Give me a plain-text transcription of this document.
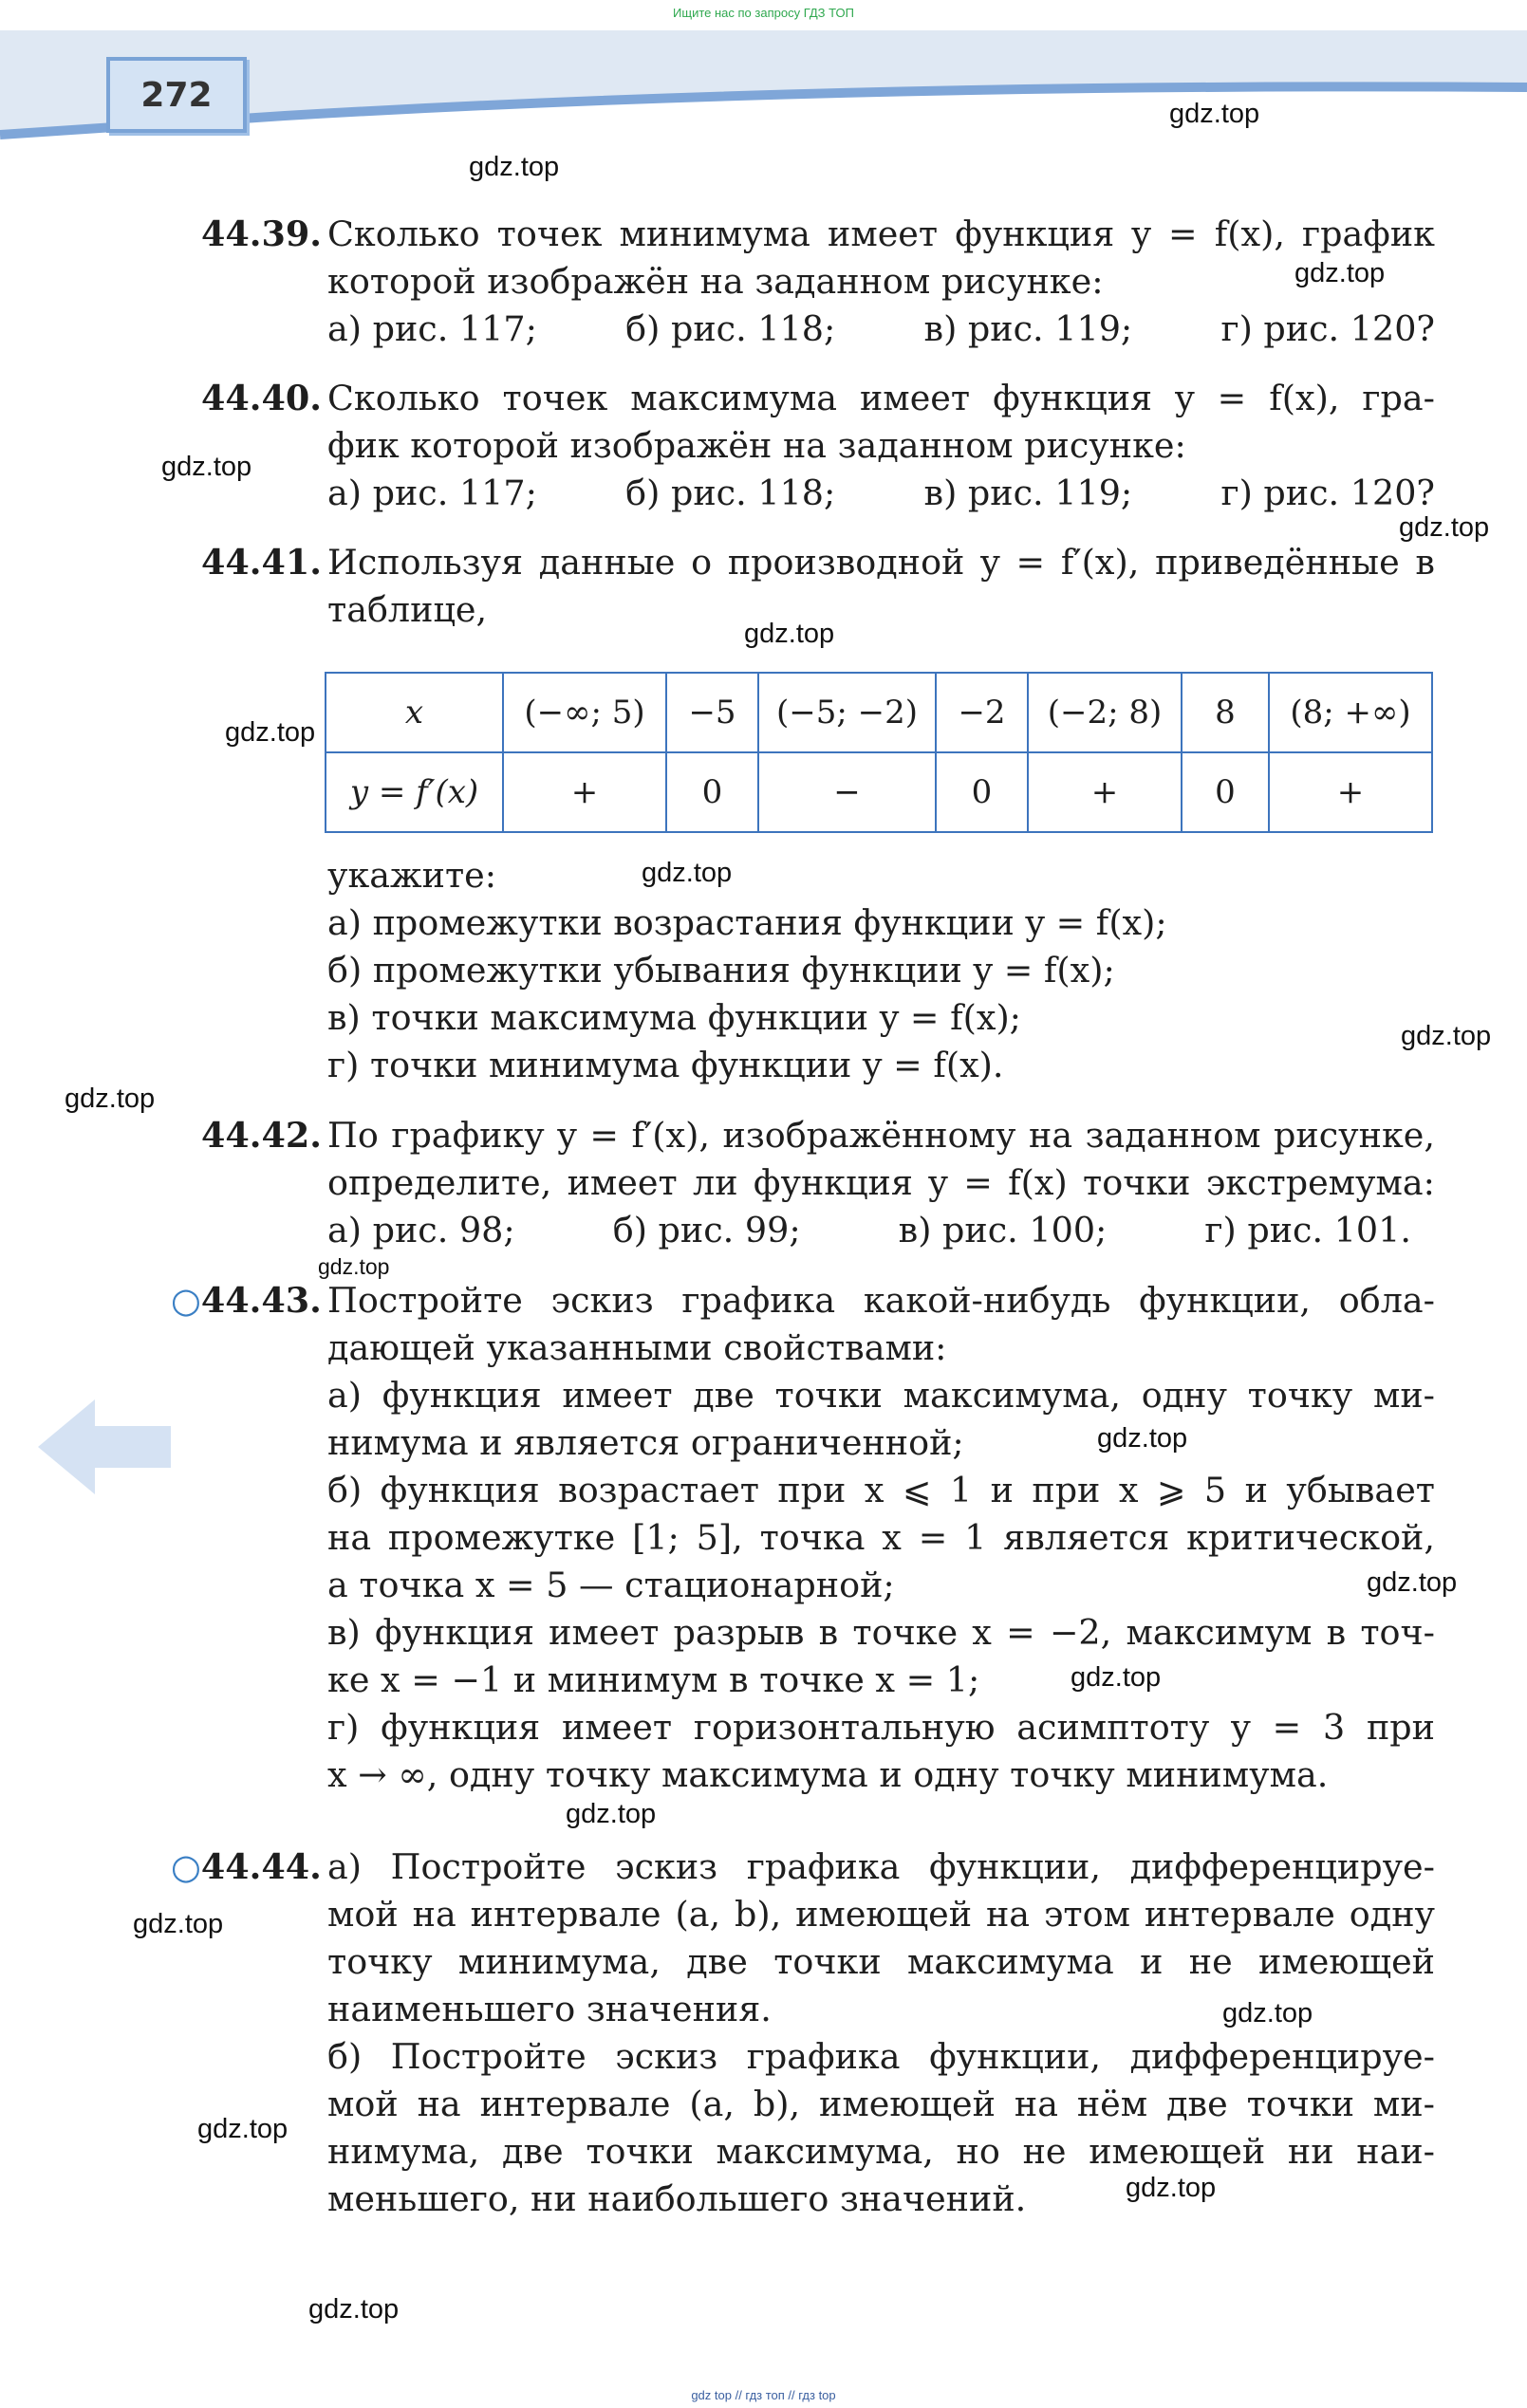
Ищите нас по запросу ГДЗ ТОП
272	gdz.top
gdz.top
gdz.top
gdz.top
gdz.top
gdz.top
gdz.top
gdz.top
gdz.top
gdz.top
gdz.top
gdz.top
gdz.top
gdz.top
gdz.top
gdz.top
gdz.top
gdz.top
gdz.top
gdz.top
44.39. Сколько точек минимума имеет функция y = f(x), график
которой изображён на заданном рисунке:
а) рис. 117;	б) рис. 118;	в) рис. 119;	г) рис. 120?
44.40. Сколько точек максимума имеет функция y = f(x), гра-
фик которой изображён на заданном рисунке:
а) рис. 117;	б) рис. 118;	в) рис. 119;	г) рис. 120?
44.41. Используя данные о производной y = f′(x), приведённые в
таблице,
x	(−∞; 5)	−5	(−5; −2)	−2	(−2; 8)	8	(8; +∞)
y = f′(x)	+	0	−	0	+	0	+
укажите:
а) промежутки возрастания функции y = f(x);
б) промежутки убывания функции y = f(x);
в) точки максимума функции y = f(x);
г) точки минимума функции y = f(x).
44.42. По графику y = f′(x), изображённому на заданном рисунке,
определите, имеет ли функция y = f(x) точки экстремума:
а) рис. 98;	б) рис. 99;	в) рис. 100;	г) рис. 101.
○44.43. Постройте эскиз графика какой-нибудь функции, обла-
дающей указанными свойствами:
а) функция имеет две точки максимума, одну точку ми-
нимума и является ограниченной;
б) функция возрастает при x ⩽ 1 и при x ⩾ 5 и убывает
на промежутке [1; 5], точка x = 1 является критической,
а точка x = 5 — стационарной;
в) функция имеет разрыв в точке x = −2, максимум в точ-
ке x = −1 и минимум в точке x = 1;
г) функция имеет горизонтальную асимптоту y = 3 при
x → ∞, одну точку максимума и одну точку минимума.
○44.44. а) Постройте эскиз графика функции, дифференцируе-
мой на интервале (a, b), имеющей на этом интервале одну
точку минимума, две точки максимума и не имеющей
наименьшего значения.
б) Постройте эскиз графика функции, дифференцируе-
мой на интервале (a, b), имеющей на нём две точки ми-
нимума, две точки максимума, но не имеющей ни наи-
меньшего, ни наибольшего значений.
gdz top // гдз топ // гдз top
